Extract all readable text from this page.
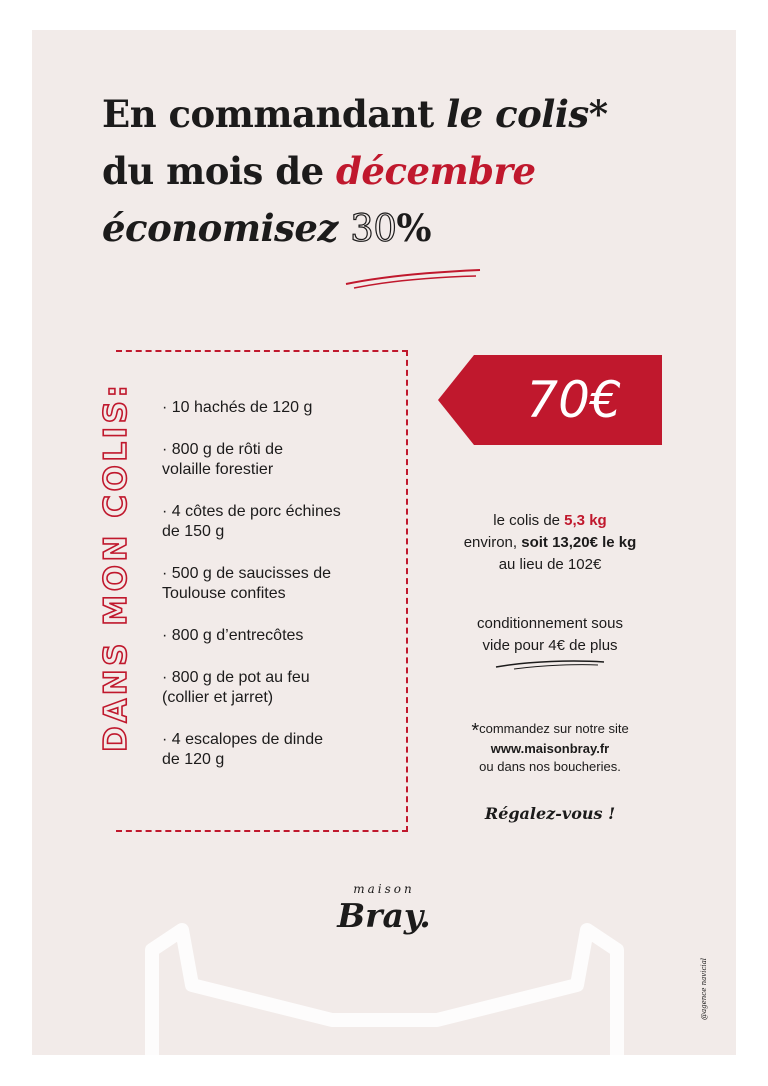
En commandant le colis*
du mois de décembre
économisez 30%
DANS MON COLIS: · 10 hachés de 120 g
· 800 g de rôti de
volaille forestier
· 4 côtes de porc échines
de 150 g
· 500 g de saucisses de
Toulouse confites
· 800 g d’entrecôtes
· 800 g de pot au feu
(collier et jarret)
· 4 escalopes de dinde
de 120 g
70€
le colis de 5,3 kg
environ, soit 13,20€ le kg
au lieu de 102€
conditionnement sous
vide pour 4€ de plus
*commandez sur notre site
www.maisonbray.fr
ou dans nos boucheries.
Régalez-vous !
maison
Bray.
@agence navicial
